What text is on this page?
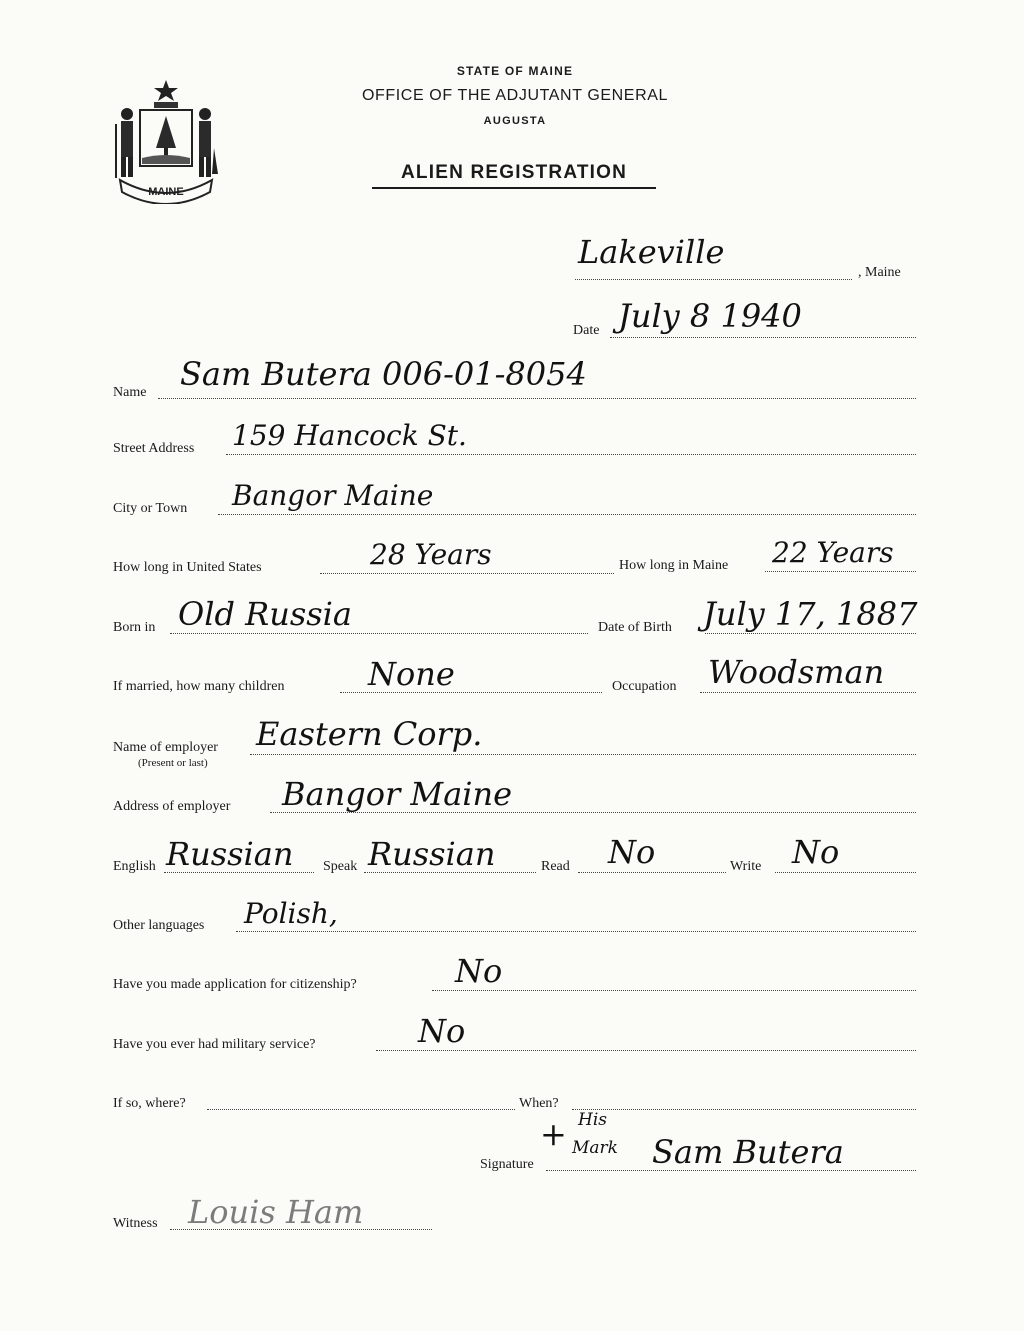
MAINE
STATE OF MAINE
OFFICE OF THE ADJUTANT GENERAL
AUGUSTA
ALIEN REGISTRATION
Lakeville
, Maine
Date July 8 1940
Name Sam Butera 006-01-8054
Street Address 159 Hancock St.
City or Town Bangor Maine
How long in United States	28 Years	How long in Maine 22 Years
Born in Old Russia	Date of Birth July 17, 1887
If married, how many children	None	Occupation Woodsman
Name of employer
(Present or last)
Eastern Corp.
Address of employer Bangor Maine
English Russian Speak Russian	Read No	Write No
Other languages Polish,
Have you made application for citizenship?	No
Have you ever had military service?	No
If so, where?	When?
Signature
+ His
Mark Sam Butera
Witness Louis Ham
